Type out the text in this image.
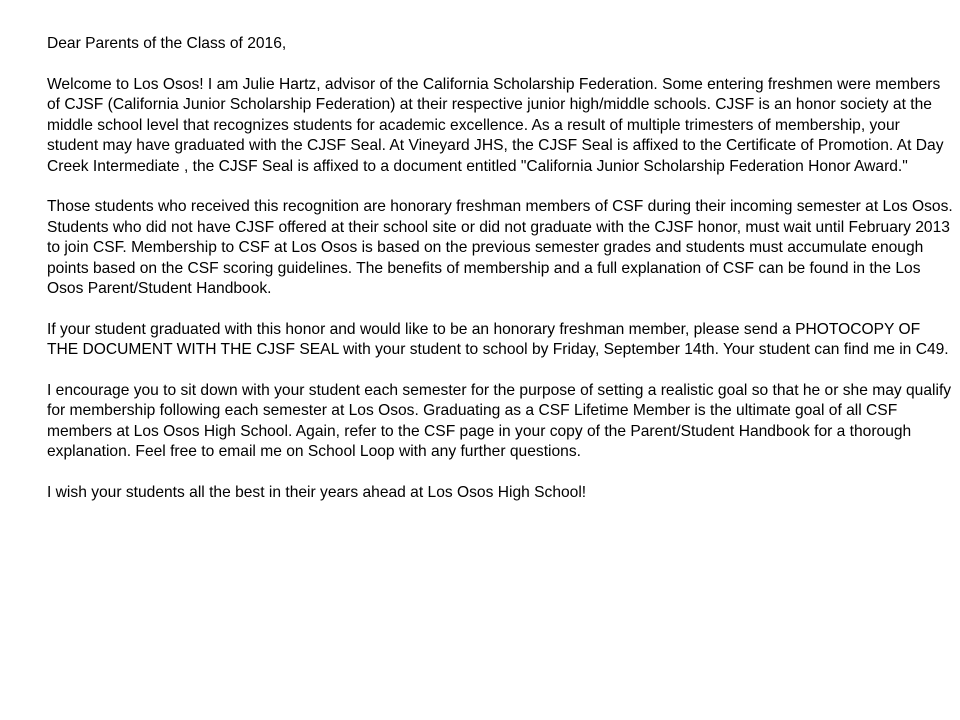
Dear Parents of the Class of 2016,

Welcome to Los Osos! I am Julie Hartz, advisor of the California Scholarship Federation. Some entering freshmen were members of CJSF (California Junior Scholarship Federation) at their respective junior high/middle schools. CJSF is an honor society at the middle school level that recognizes students for academic excellence. As a result of multiple trimesters of membership, your student may have graduated with the CJSF Seal. At Vineyard JHS, the CJSF Seal is affixed to the Certificate of Promotion. At Day Creek Intermediate , the CJSF Seal is affixed to a document entitled "California Junior Scholarship Federation Honor Award."

Those students who received this recognition are honorary freshman members of CSF during their incoming semester at Los Osos. Students who did not have CJSF offered at their school site or did not graduate with the CJSF honor, must wait until February 2013 to join CSF. Membership to CSF at Los Osos is based on the previous semester grades and students must accumulate enough points based on the CSF scoring guidelines. The benefits of membership and a full explanation of CSF can be found in the Los Osos Parent/Student Handbook.

If your student graduated with this honor and would like to be an honorary freshman member, please send a PHOTOCOPY OF THE DOCUMENT WITH THE CJSF SEAL with your student to school by Friday, September 14th. Your student can find me in C49.

I encourage you to sit down with your student each semester for the purpose of setting a realistic goal so that he or she may qualify for membership following each semester at Los Osos. Graduating as a CSF Lifetime Member is the ultimate goal of all CSF members at Los Osos High School. Again, refer to the CSF page in your copy of the Parent/Student Handbook for a thorough explanation. Feel free to email me on School Loop with any further questions.

I wish your students all the best in their years ahead at Los Osos High School!
